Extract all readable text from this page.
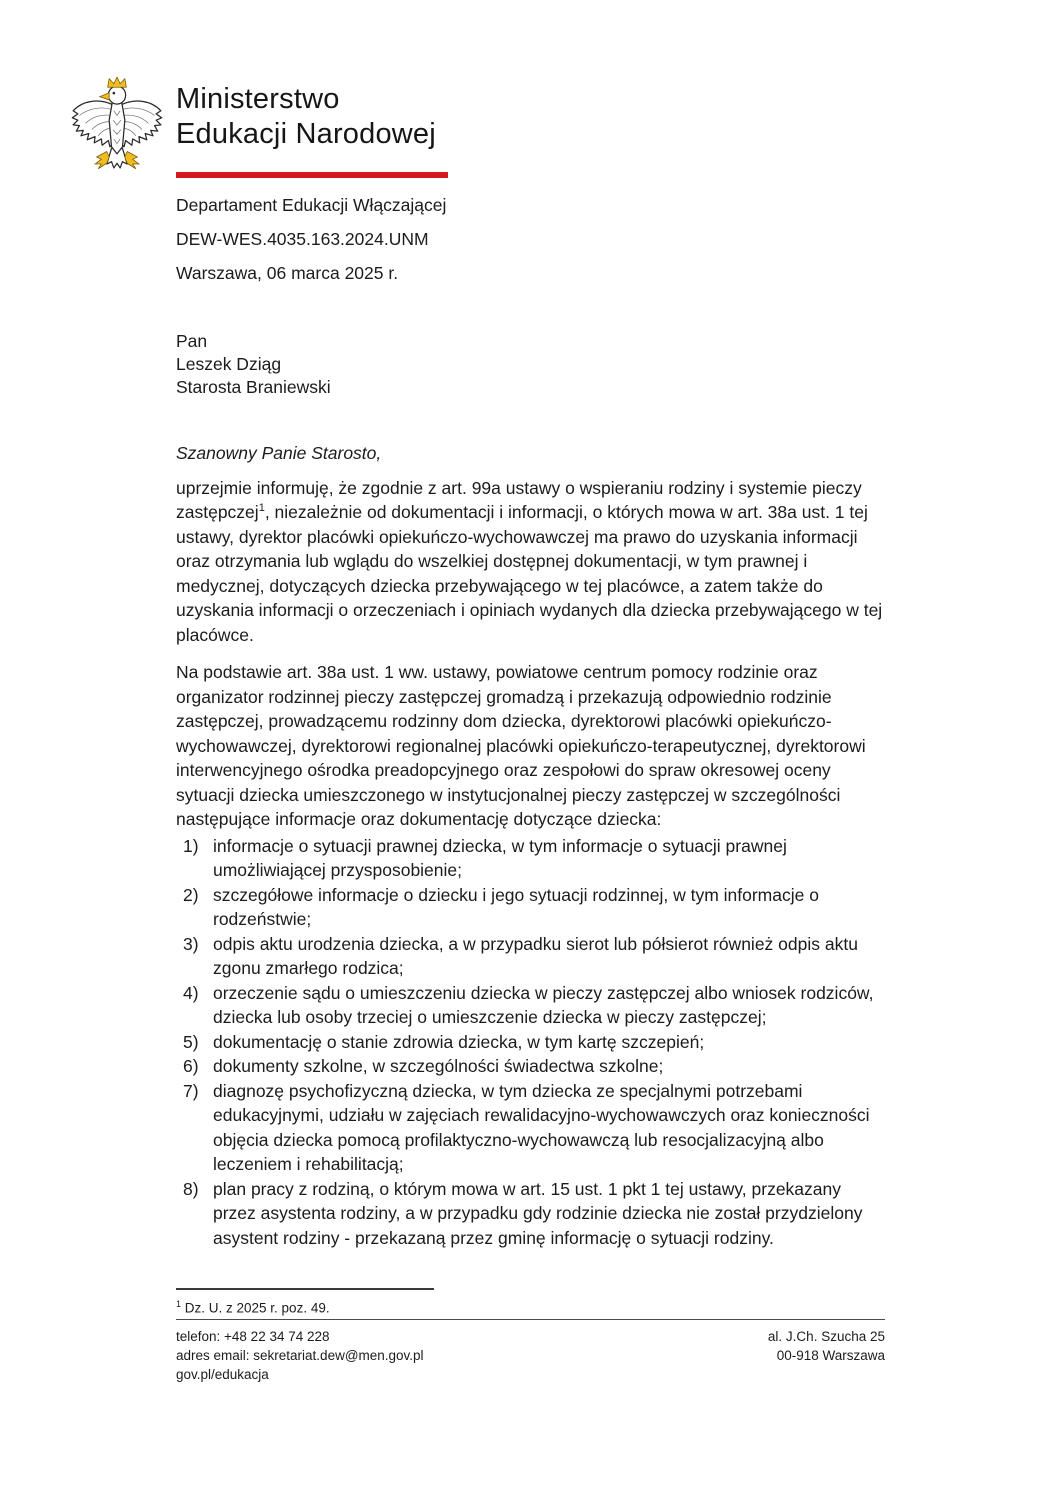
Ministerstwo
Edukacji Narodowej
Departament Edukacji Włączającej
DEW-WES.4035.163.2024.UNM
Warszawa, 06 marca 2025 r.
Pan
Leszek Dziąg
Starosta Braniewski
Szanowny Panie Starosto,
uprzejmie informuję, że zgodnie z art. 99a ustawy o wspieraniu rodziny i systemie pieczy zastępczej$^1$, niezależnie od dokumentacji i informacji, o których mowa w art. 38a ust. 1 tej ustawy, dyrektor placówki opiekuńczo-wychowawczej ma prawo do uzyskania informacji oraz otrzymania lub wglądu do wszelkiej dostępnej dokumentacji, w tym prawnej i medycznej, dotyczących dziecka przebywającego w tej placówce, a zatem także do uzyskania informacji o orzeczeniach i opiniach wydanych dla dziecka przebywającego w tej placówce.
Na podstawie art. 38a ust. 1 ww. ustawy, powiatowe centrum pomocy rodzinie oraz organizator rodzinnej pieczy zastępczej gromadzą i przekazują odpowiednio rodzinie zastępczej, prowadzącemu rodzinny dom dziecka, dyrektorowi placówki opiekuńczo-wychowawczej, dyrektorowi regionalnej placówki opiekuńczo-terapeutycznej, dyrektorowi interwencyjnego ośrodka preadopcyjnego oraz zespołowi do spraw okresowej oceny sytuacji dziecka umieszczonego w instytucjonalnej pieczy zastępczej w szczególności następujące informacje oraz dokumentację dotyczące dziecka:
1) informacje o sytuacji prawnej dziecka, w tym informacje o sytuacji prawnej umożliwiającej przysposobienie;
2) szczegółowe informacje o dziecku i jego sytuacji rodzinnej, w tym informacje o rodzeństwie;
3) odpis aktu urodzenia dziecka, a w przypadku sierot lub półsierot również odpis aktu zgonu zmarłego rodzica;
4) orzeczenie sądu o umieszczeniu dziecka w pieczy zastępczej albo wniosek rodziców, dziecka lub osoby trzeciej o umieszczenie dziecka w pieczy zastępczej;
5) dokumentację o stanie zdrowia dziecka, w tym kartę szczepień;
6) dokumenty szkolne, w szczególności świadectwa szkolne;
7) diagnozę psychofizyczną dziecka, w tym dziecka ze specjalnymi potrzebami edukacyjnymi, udziału w zajęciach rewalidacyjno-wychowawczych oraz konieczności objęcia dziecka pomocą profilaktyczno-wychowawczą lub resocjalizacyjną albo leczeniem i rehabilitacją;
8) plan pracy z rodziną, o którym mowa w art. 15 ust. 1 pkt 1 tej ustawy, przekazany przez asystenta rodziny, a w przypadku gdy rodzinie dziecka nie został przydzielony asystent rodziny - przekazaną przez gminę informację o sytuacji rodziny.
$^1$ Dz. U. z 2025 r. poz. 49.
telefon: +48 22 34 74 228
adres email: sekretariat.dew@men.gov.pl
gov.pl/edukacja
al. J.Ch. Szucha 25
00-918 Warszawa
